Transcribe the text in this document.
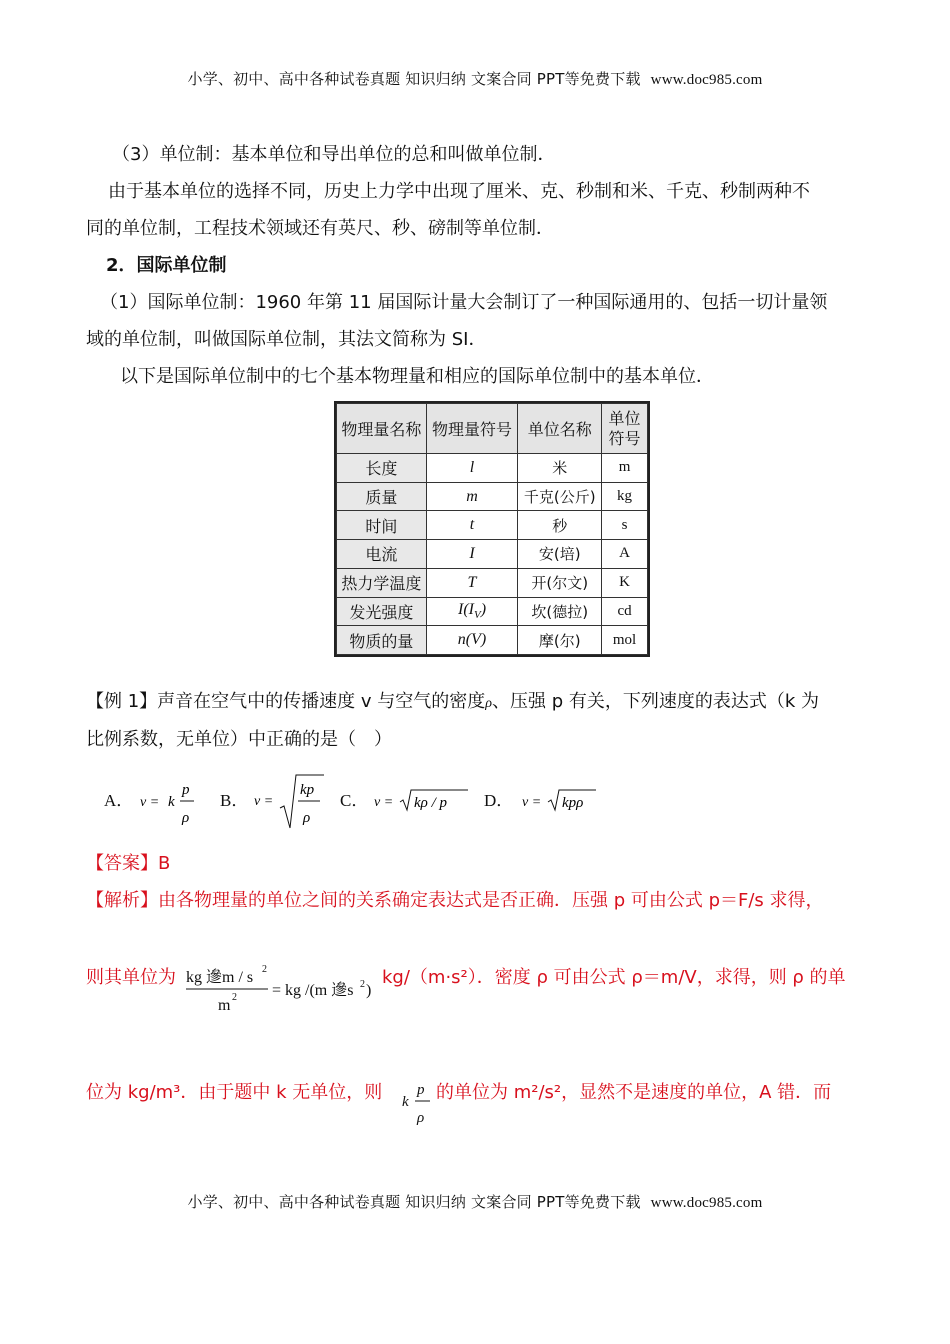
小学、初中、高中各种试卷真题 知识归纳 文案合同 PPT等免费下载 www.doc985.com
（3）单位制：基本单位和导出单位的总和叫做单位制．
由于基本单位的选择不同，历史上力学中出现了厘米、克、秒制和米、千克、秒制两种不
同的单位制，工程技术领域还有英尺、秒、磅制等单位制．
2．国际单位制
（1）国际单位制：1960 年第 11 届国际计量大会制订了一种国际通用的、包括一切计量领
域的单位制，叫做国际单位制，其法文简称为 SI．
以下是国际单位制中的七个基本物理量和相应的国际单位制中的基本单位．
物理量名称	物理量符号	单位名称	单位
符号
长度	l	米	m
质量	m	千克(公斤)	kg
时间	t	秒	s
电流	I	安(培)	A
热力学温度	T	开(尔文)	K
发光强度	$I(I_V)$	坎(德拉)	cd
物质的量	n(V)	摩(尔)	mol
【例 1】声音在空气中的传播速度 v 与空气的密度ρ、压强 p 有关，下列速度的表达式（k 为
比例系数，无单位）中正确的是（　）
A． v = k
p
ρ
B． v =
kp
ρ
C． v = kρ / p D． v = kpρ
【答案】B
【解析】由各物理量的单位之间的关系确定表达式是否正确．压强 p 可由公式 p＝F/s 求得，
则其单位为 kg 遪m / s 2
m 2 = kg /(m 遪s 2 )
kg/（m·s²）．密度 ρ 可由公式 ρ＝m/V，求得，则 ρ 的单
位为 kg/m³．由于题中 k 无单位，则 k
p
ρ
的单位为 m²/s²，显然不是速度的单位，A 错．而
小学、初中、高中各种试卷真题 知识归纳 文案合同 PPT等免费下载 www.doc985.com
